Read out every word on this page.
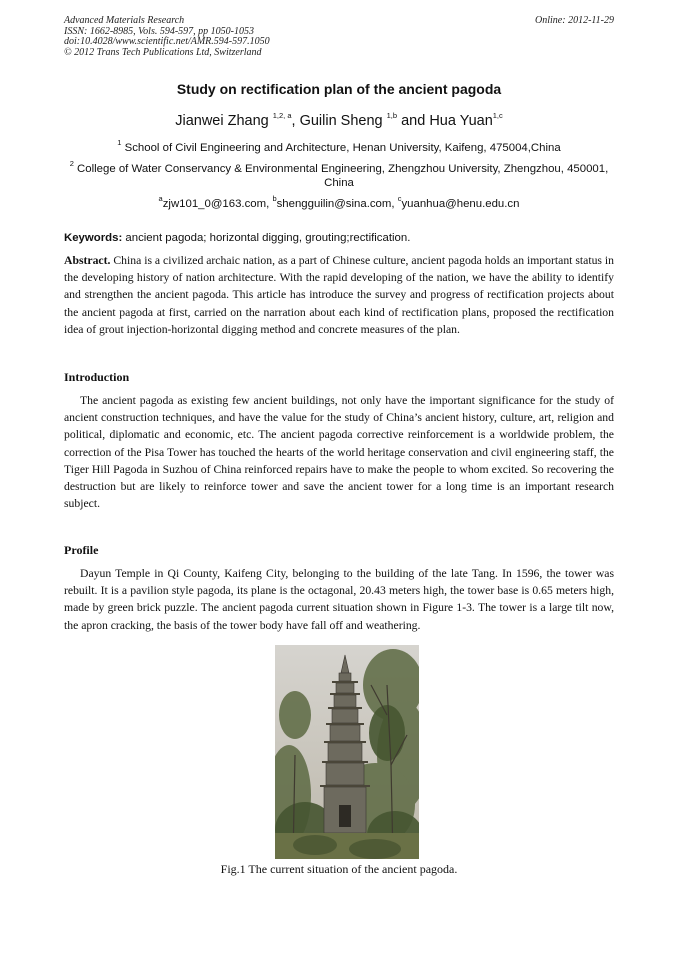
Advanced Materials Research
ISSN: 1662-8985, Vols. 594-597, pp 1050-1053
doi:10.4028/www.scientific.net/AMR.594-597.1050
© 2012 Trans Tech Publications Ltd, Switzerland
Online: 2012-11-29
Study on rectification plan of the ancient pagoda
Jianwei Zhang $^{1,2, a}$, Guilin Sheng $^{1,b}$ and Hua Yuan$^{1,c}$
$^1$ School of Civil Engineering and Architecture, Henan University, Kaifeng, 475004,China
$^2$ College of Water Conservancy & Environmental Engineering, Zhengzhou University, Zhengzhou, 450001, China
$^a$zjw101_0@163.com, $^b$shengguilin@sina.com, $^c$yuanhua@henu.edu.cn
Keywords: ancient pagoda; horizontal digging, grouting;rectification.
Abstract. China is a civilized archaic nation, as a part of Chinese culture, ancient pagoda holds an important status in the developing history of nation architecture. With the rapid developing of the nation, we have the ability to identify and strengthen the ancient pagoda. This article has introduce the survey and progress of rectification projects about the ancient pagoda at first, carried on the narration about each kind of rectification plans, proposed the rectification idea of grout injection-horizontal digging method and concrete measures of the plan.
Introduction
The ancient pagoda as existing few ancient buildings, not only have the important significance for the study of ancient construction techniques, and have the value for the study of China’s ancient history, culture, art, religion and political, diplomatic and economic, etc. The ancient pagoda corrective reinforcement is a worldwide problem, the correction of the Pisa Tower has touched the hearts of the world heritage conservation and civil engineering staff, the Tiger Hill Pagoda in Suzhou of China reinforced repairs have to make the people to whom excited. So recovering the destruction but are likely to reinforce tower and save the ancient tower for a long time is an important research subject.
Profile
Dayun Temple in Qi County, Kaifeng City, belonging to the building of the late Tang. In 1596, the tower was rebuilt. It is a pavilion style pagoda, its plane is the octagonal, 20.43 meters high, the tower base is 0.65 meters high, made by green brick puzzle. The ancient pagoda current situation shown in Figure 1-3. The tower is a large tilt now, the apron cracking, the basis of the tower body have fall off and weathering.
Fig.1 The current situation of the ancient pagoda.
